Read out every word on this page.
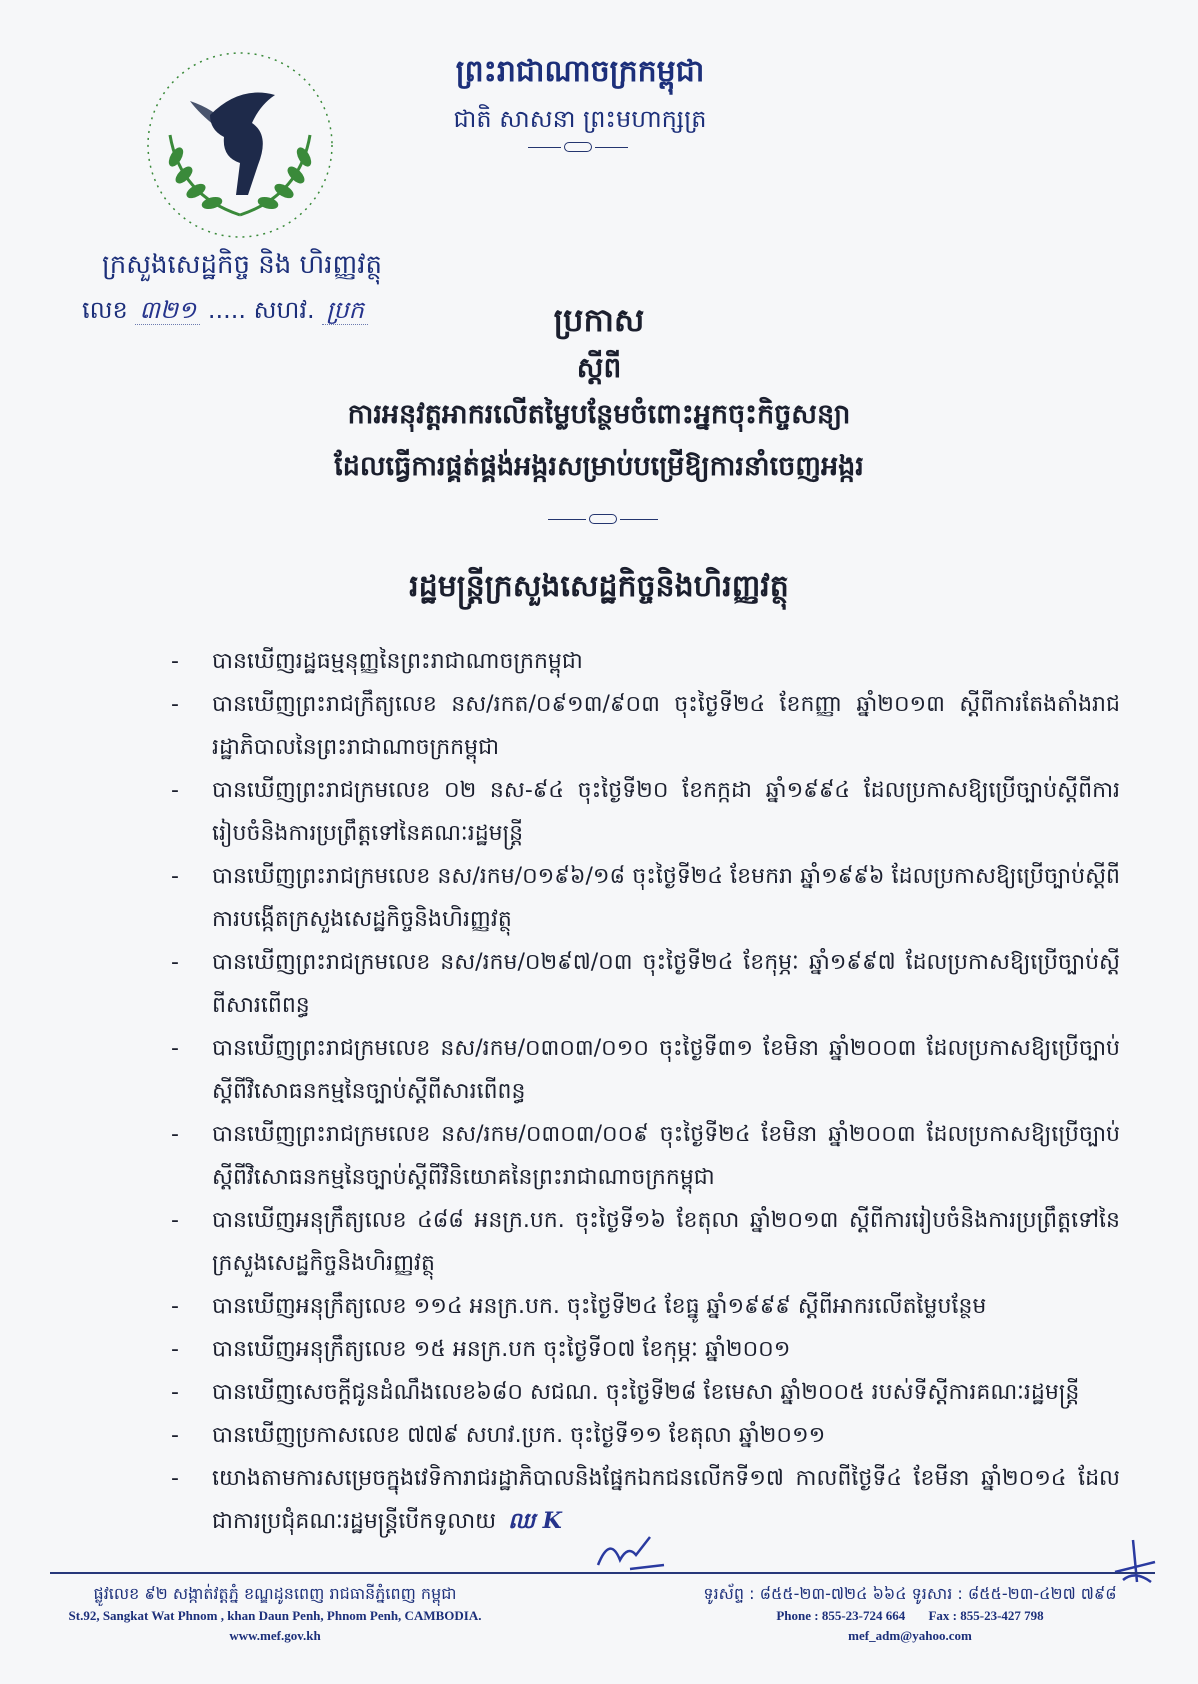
ក្រសួងសេដ្ឋកិច្ច និង ហិរញ្ញវត្ថុ
លេខ ៣២១ ..... សហវ. ប្រក
ព្រះរាជាណាចក្រកម្ពុជា
ជាតិ សាសនា ព្រះមហាក្សត្រ
ប្រកាស
ស្តីពី
ការអនុវត្តអាករលើតម្លៃបន្ថែមចំពោះអ្នកចុះកិច្ចសន្យា
ដែលធ្វើការផ្គត់ផ្គង់អង្ករសម្រាប់បម្រើឱ្យការនាំចេញអង្ករ
រដ្ឋមន្ត្រីក្រសួងសេដ្ឋកិច្ចនិងហិរញ្ញវត្ថុ
-	បានឃើញរដ្ឋធម្មនុញ្ញនៃព្រះរាជាណាចក្រកម្ពុជា
-	បានឃើញព្រះរាជក្រឹត្យលេខ នស/រកត/០៩១៣/៩០៣ ចុះថ្ងៃទី២៤ ខែកញ្ញា ឆ្នាំ២០១៣ ស្តីពីការតែងតាំងរាជរដ្ឋាភិបាលនៃព្រះរាជាណាចក្រកម្ពុជា
-	បានឃើញព្រះរាជក្រមលេខ ០២ នស-៩៤ ចុះថ្ងៃទី២០ ខែកក្កដា ឆ្នាំ១៩៩៤ ដែលប្រកាសឱ្យប្រើច្បាប់ស្តីពីការរៀបចំនិងការប្រព្រឹត្តទៅនៃគណៈរដ្ឋមន្ត្រី
-	បានឃើញព្រះរាជក្រមលេខ នស/រកម/០១៩៦/១៨ ចុះថ្ងៃទី២៤ ខែមករា ឆ្នាំ១៩៩៦ ដែលប្រកាសឱ្យប្រើច្បាប់ស្តីពីការបង្កើតក្រសួងសេដ្ឋកិច្ចនិងហិរញ្ញវត្ថុ
-	បានឃើញព្រះរាជក្រមលេខ នស/រកម/០២៩៧/០៣ ចុះថ្ងៃទី២៤ ខែកុម្ភៈ ឆ្នាំ១៩៩៧ ដែលប្រកាសឱ្យប្រើច្បាប់ស្តីពីសារពើពន្ធ
-	បានឃើញព្រះរាជក្រមលេខ នស/រកម/០៣០៣/០១០ ចុះថ្ងៃទី៣១ ខែមិនា ឆ្នាំ២០០៣ ដែលប្រកាសឱ្យប្រើច្បាប់ស្តីពីវិសោធនកម្មនៃច្បាប់ស្តីពីសារពើពន្ធ
-	បានឃើញព្រះរាជក្រមលេខ នស/រកម/០៣០៣/០០៩ ចុះថ្ងៃទី២៤ ខែមិនា ឆ្នាំ២០០៣ ដែលប្រកាសឱ្យប្រើច្បាប់ស្តីពីវិសោធនកម្មនៃច្បាប់ស្តីពីវិនិយោគនៃព្រះរាជាណាចក្រកម្ពុជា
-	បានឃើញអនុក្រឹត្យលេខ ៤៨៨ អនក្រ.បក. ចុះថ្ងៃទី១៦ ខែតុលា ឆ្នាំ២០១៣ ស្តីពីការរៀបចំនិងការប្រព្រឹត្តទៅនៃក្រសួងសេដ្ឋកិច្ចនិងហិរញ្ញវត្ថុ
-	បានឃើញអនុក្រឹត្យលេខ ១១៤ អនក្រ.បក. ចុះថ្ងៃទី២៤ ខែធ្នូ ឆ្នាំ១៩៩៩ ស្តីពីអាករលើតម្លៃបន្ថែម
-	បានឃើញអនុក្រឹត្យលេខ ១៥ អនក្រ.បក ចុះថ្ងៃទី០៧ ខែកុម្ភៈ ឆ្នាំ២០០១
-	បានឃើញសេចក្តីជូនដំណឹងលេខ៦៨០ សជណ. ចុះថ្ងៃទី២៨ ខែមេសា ឆ្នាំ២០០៥ របស់ទីស្តីការគណៈរដ្ឋមន្ត្រី
-	បានឃើញប្រកាសលេខ ៧៧៩ សហវ.ប្រក. ចុះថ្ងៃទី១១ ខែតុលា ឆ្នាំ២០១១
-	យោងតាមការសម្រេចក្នុងវេទិការាជរដ្ឋាភិបាលនិងផ្នែកឯកជនលើកទី១៧ កាលពីថ្ងៃទី៤ ខែមីនា ឆ្នាំ២០១៤ ដែលជាការប្រជុំគណៈរដ្ឋមន្ត្រីបើកទូលាយ ឈ K
ផ្លូវលេខ ៩២ សង្កាត់វត្តភ្នំ ខណ្ឌដូនពេញ រាជធានីភ្នំពេញ កម្ពុជា
St.92, Sangkat Wat Phnom , khan Daun Penh, Phnom Penh, CAMBODIA.
www.mef.gov.kh
ទូរស័ព្ទ : ៨៥៥-២៣-៧២៤ ៦៦៤ ទូរសារ : ៨៥៥-២៣-៤២៧ ៧៩៨
Phone : 855-23-724 664 Fax : 855-23-427 798
mef_adm@yahoo.com
